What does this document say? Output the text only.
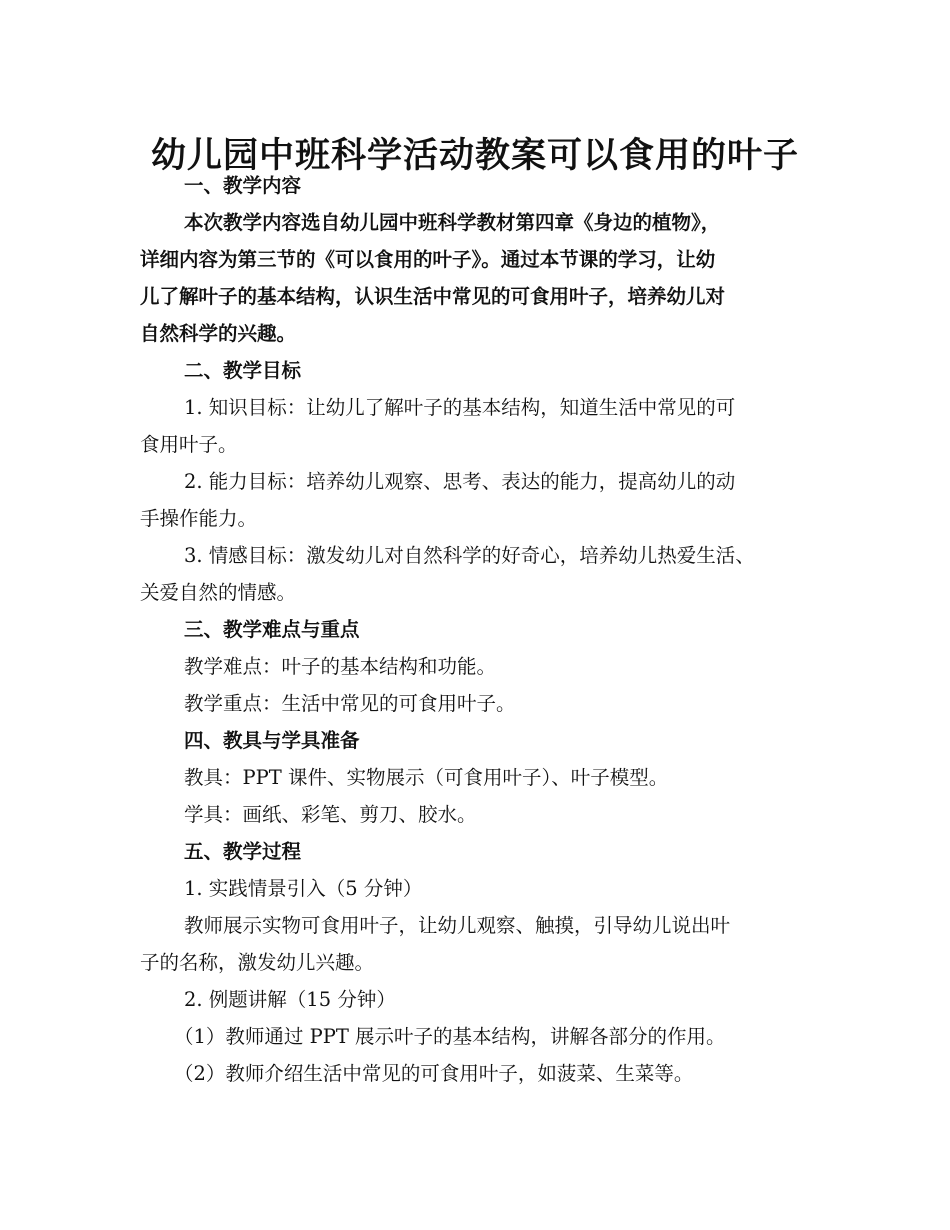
幼儿园中班科学活动教案可以食用的叶子

一、教学内容

本次教学内容选自幼儿园中班科学教材第四章《身边的植物》，

详细内容为第三节的《可以食用的叶子》。通过本节课的学习，让幼

儿了解叶子的基本结构，认识生活中常见的可食用叶子，培养幼儿对

自然科学的兴趣。

二、教学目标

1. 知识目标：让幼儿了解叶子的基本结构，知道生活中常见的可

食用叶子。

2. 能力目标：培养幼儿观察、思考、表达的能力，提高幼儿的动

手操作能力。

3. 情感目标：激发幼儿对自然科学的好奇心，培养幼儿热爱生活、

关爱自然的情感。

三、教学难点与重点

教学难点：叶子的基本结构和功能。

教学重点：生活中常见的可食用叶子。

四、教具与学具准备

教具：PPT 课件、实物展示（可食用叶子）、叶子模型。

学具：画纸、彩笔、剪刀、胶水。

五、教学过程

1. 实践情景引入（5 分钟）

教师展示实物可食用叶子，让幼儿观察、触摸，引导幼儿说出叶

子的名称，激发幼儿兴趣。

2. 例题讲解（15 分钟）

（1）教师通过 PPT 展示叶子的基本结构，讲解各部分的作用。

（2）教师介绍生活中常见的可食用叶子，如菠菜、生菜等。
